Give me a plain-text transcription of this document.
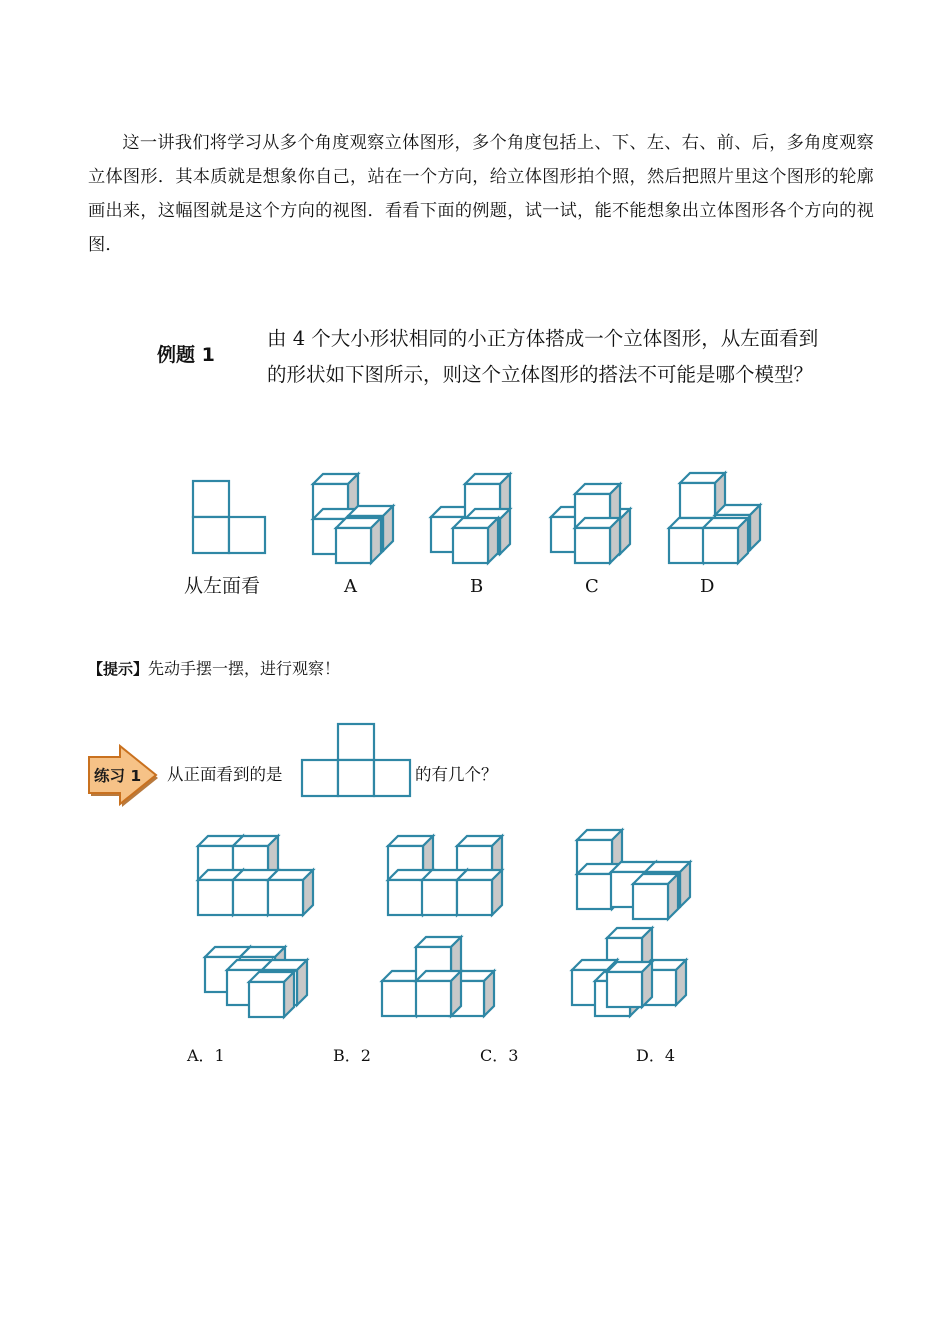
这一讲我们将学习从多个角度观察立体图形，多个角度包括上、下、左、右、前、后，多角度观察立体图形．其本质就是想象你自己，站在一个方向，给立体图形拍个照，然后把照片里这个图形的轮廓画出来，这幅图就是这个方向的视图．看看下面的例题，试一试，能不能想象出立体图形各个方向的视图．
例题 1
由 4 个大小形状相同的小正方体搭成一个立体图形，从左面看到的形状如下图所示，则这个立体图形的搭法不可能是哪个模型？
从左面看	A	B	C	D
【提示】先动手摆一摆，进行观察！
练习 1 从正面看到的是	的有几个？
A．1	B．2	C．3	D．4
